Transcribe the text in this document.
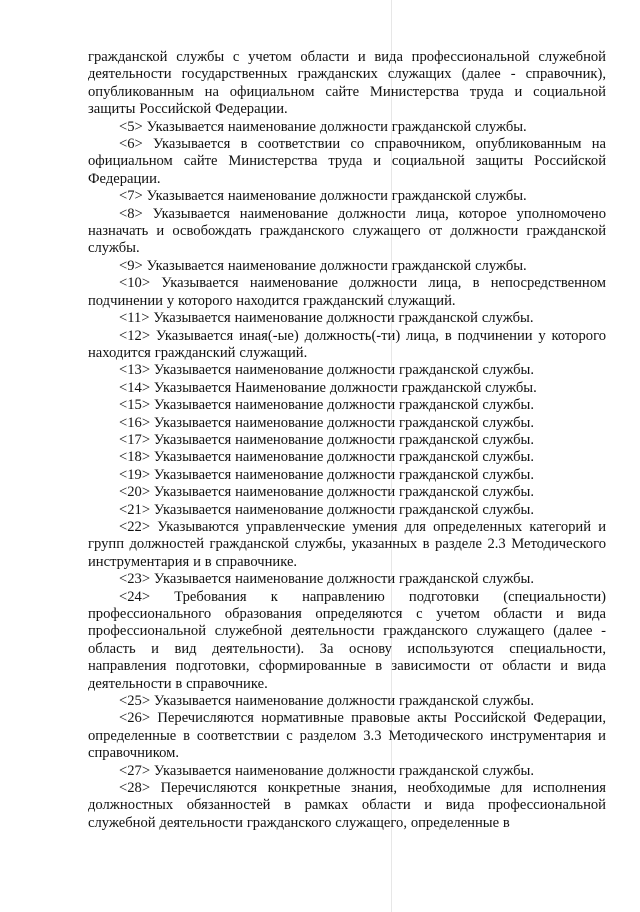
гражданской службы с учетом области и вида профессиональной служебной деятельности государственных гражданских служащих (далее - справочник), опубликованным на официальном сайте Министерства труда и социальной защиты Российской Федерации.

<5> Указывается наименование должности гражданской службы.

<6> Указывается в соответствии со справочником, опубликованным на официальном сайте Министерства труда и социальной защиты Российской Федерации.

<7> Указывается наименование должности гражданской службы.

<8> Указывается наименование должности лица, которое уполномочено назначать и освобождать гражданского служащего от должности гражданской службы.

<9> Указывается наименование должности гражданской службы.

<10> Указывается наименование должности лица, в непосредственном подчинении у которого находится гражданский служащий.

<11> Указывается наименование должности гражданской службы.

<12> Указывается иная(-ые) должность(-ти) лица, в подчинении у которого находится гражданский служащий.

<13> Указывается наименование должности гражданской службы.

<14> Указывается Наименование должности гражданской службы.

<15> Указывается наименование должности гражданской службы.

<16> Указывается наименование должности гражданской службы.

<17> Указывается наименование должности гражданской службы.

<18> Указывается наименование должности гражданской службы.

<19> Указывается наименование должности гражданской службы.

<20> Указывается наименование должности гражданской службы.

<21> Указывается наименование должности гражданской службы.

<22> Указываются управленческие умения для определенных категорий и групп должностей гражданской службы, указанных в разделе 2.3 Методического инструментария и в справочнике.

<23> Указывается наименование должности гражданской службы.

<24> Требования к направлению подготовки (специальности) профессионального образования определяются с учетом области и вида профессиональной служебной деятельности гражданского служащего (далее - область и вид деятельности). За основу используются специальности, направления подготовки, сформированные в зависимости от области и вида деятельности в справочнике.

<25> Указывается наименование должности гражданской службы.

<26> Перечисляются нормативные правовые акты Российской Федерации, определенные в соответствии с разделом 3.3 Методического инструментария и справочником.

<27> Указывается наименование должности гражданской службы.

<28> Перечисляются конкретные знания, необходимые для исполнения должностных обязанностей в рамках области и вида профессиональной служебной деятельности гражданского служащего, определенные в
